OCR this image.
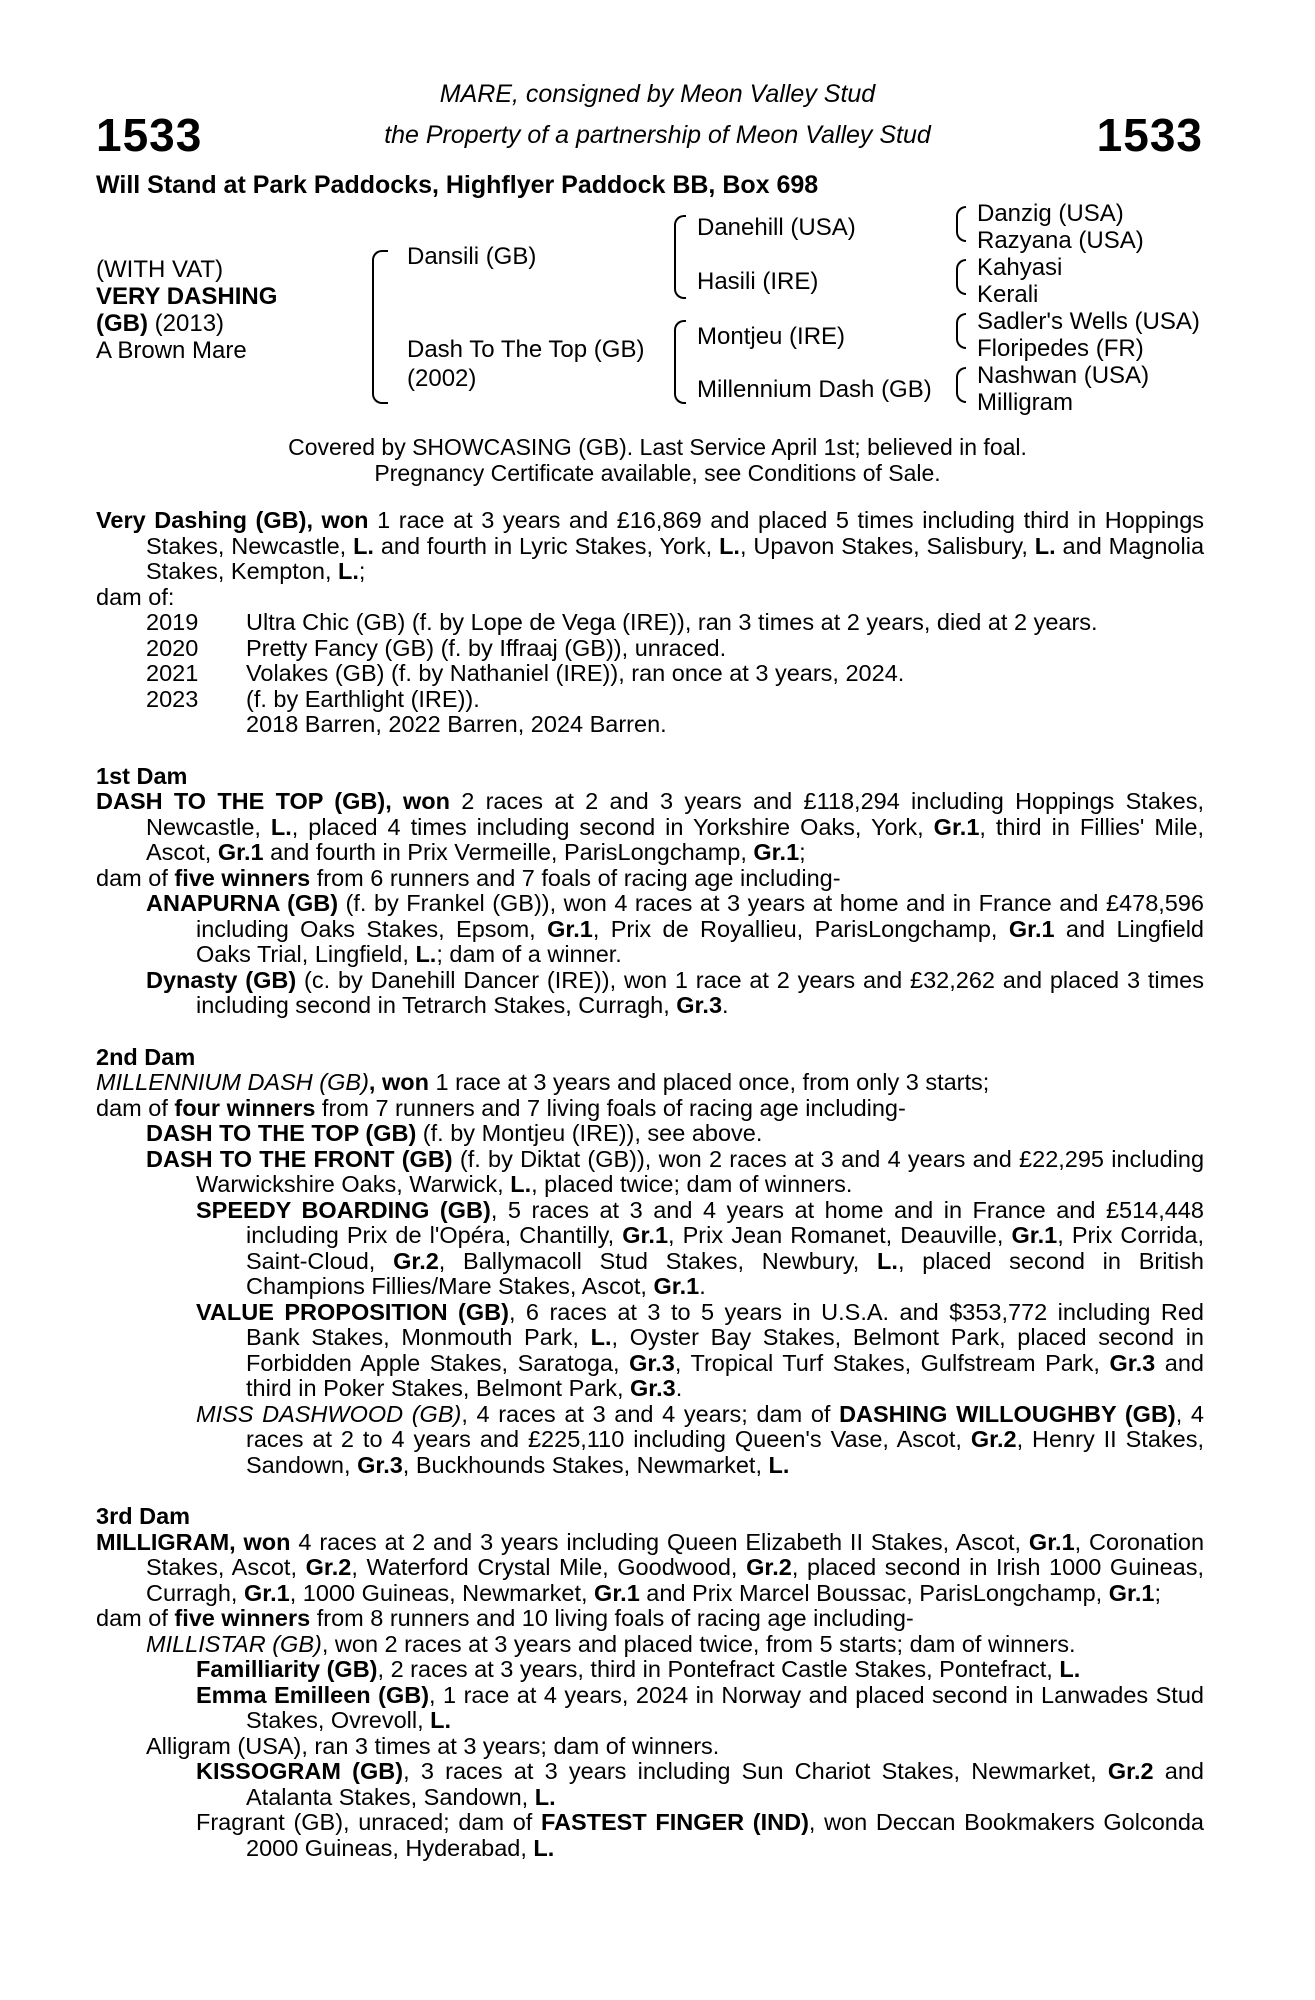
1533	1533
MARE, consigned by Meon Valley Stud
the Property of a partnership of Meon Valley Stud
Will Stand at Park Paddocks, Highflyer Paddock BB, Box 698
(WITH VAT)
VERY DASHING
(GB) (2013)
A Brown Mare
Dansili (GB)
Dash To The Top (GB)
(2002)
Danehill (USA)
Hasili (IRE)
Montjeu (IRE)
Millennium Dash (GB)
Danzig (USA)
Razyana (USA)
Kahyasi
Kerali
Sadler's Wells (USA)
Floripedes (FR)
Nashwan (USA)
Milligram
Covered by SHOWCASING (GB). Last Service April 1st; believed in foal.
Pregnancy Certificate available, see Conditions of Sale.

Very Dashing (GB), won 1 race at 3 years and £16,869 and placed 5 times including third in Hoppings Stakes, Newcastle, L. and fourth in Lyric Stakes, York, L., Upavon Stakes, Salisbury, L. and Magnolia Stakes, Kempton, L.;

dam of:

2019 Ultra Chic (GB) (f. by Lope de Vega (IRE)), ran 3 times at 2 years, died at 2 years.
2020 Pretty Fancy (GB) (f. by Iffraaj (GB)), unraced.
2021 Volakes (GB) (f. by Nathaniel (IRE)), ran once at 3 years, 2024.
2023 (f. by Earthlight (IRE)).
2018 Barren, 2022 Barren, 2024 Barren.

1st Dam

DASH TO THE TOP (GB), won 2 races at 2 and 3 years and £118,294 including Hoppings Stakes, Newcastle, L., placed 4 times including second in Yorkshire Oaks, York, Gr.1, third in Fillies' Mile, Ascot, Gr.1 and fourth in Prix Vermeille, ParisLongchamp, Gr.1;

dam of five winners from 6 runners and 7 foals of racing age including-

ANAPURNA (GB) (f. by Frankel (GB)), won 4 races at 3 years at home and in France and £478,596 including Oaks Stakes, Epsom, Gr.1, Prix de Royallieu, ParisLongchamp, Gr.1 and Lingfield Oaks Trial, Lingfield, L.; dam of a winner.

Dynasty (GB) (c. by Danehill Dancer (IRE)), won 1 race at 2 years and £32,262 and placed 3 times including second in Tetrarch Stakes, Curragh, Gr.3.

2nd Dam

MILLENNIUM DASH (GB), won 1 race at 3 years and placed once, from only 3 starts;

dam of four winners from 7 runners and 7 living foals of racing age including-

DASH TO THE TOP (GB) (f. by Montjeu (IRE)), see above.

DASH TO THE FRONT (GB) (f. by Diktat (GB)), won 2 races at 3 and 4 years and £22,295 including Warwickshire Oaks, Warwick, L., placed twice; dam of winners.

SPEEDY BOARDING (GB), 5 races at 3 and 4 years at home and in France and £514,448 including Prix de l'Opéra, Chantilly, Gr.1, Prix Jean Romanet, Deauville, Gr.1, Prix Corrida, Saint-Cloud, Gr.2, Ballymacoll Stud Stakes, Newbury, L., placed second in British Champions Fillies/Mare Stakes, Ascot, Gr.1.

VALUE PROPOSITION (GB), 6 races at 3 to 5 years in U.S.A. and $353,772 including Red Bank Stakes, Monmouth Park, L., Oyster Bay Stakes, Belmont Park, placed second in Forbidden Apple Stakes, Saratoga, Gr.3, Tropical Turf Stakes, Gulfstream Park, Gr.3 and third in Poker Stakes, Belmont Park, Gr.3.

MISS DASHWOOD (GB), 4 races at 3 and 4 years; dam of DASHING WILLOUGHBY (GB), 4 races at 2 to 4 years and £225,110 including Queen's Vase, Ascot, Gr.2, Henry II Stakes, Sandown, Gr.3, Buckhounds Stakes, Newmarket, L.

3rd Dam

MILLIGRAM, won 4 races at 2 and 3 years including Queen Elizabeth II Stakes, Ascot, Gr.1, Coronation Stakes, Ascot, Gr.2, Waterford Crystal Mile, Goodwood, Gr.2, placed second in Irish 1000 Guineas, Curragh, Gr.1, 1000 Guineas, Newmarket, Gr.1 and Prix Marcel Boussac, ParisLongchamp, Gr.1;

dam of five winners from 8 runners and 10 living foals of racing age including-

MILLISTAR (GB), won 2 races at 3 years and placed twice, from 5 starts; dam of winners.

Familliarity (GB), 2 races at 3 years, third in Pontefract Castle Stakes, Pontefract, L.

Emma Emilleen (GB), 1 race at 4 years, 2024 in Norway and placed second in Lanwades Stud Stakes, Ovrevoll, L.

Alligram (USA), ran 3 times at 3 years; dam of winners.

KISSOGRAM (GB), 3 races at 3 years including Sun Chariot Stakes, Newmarket, Gr.2 and Atalanta Stakes, Sandown, L.

Fragrant (GB), unraced; dam of FASTEST FINGER (IND), won Deccan Bookmakers Golconda 2000 Guineas, Hyderabad, L.
